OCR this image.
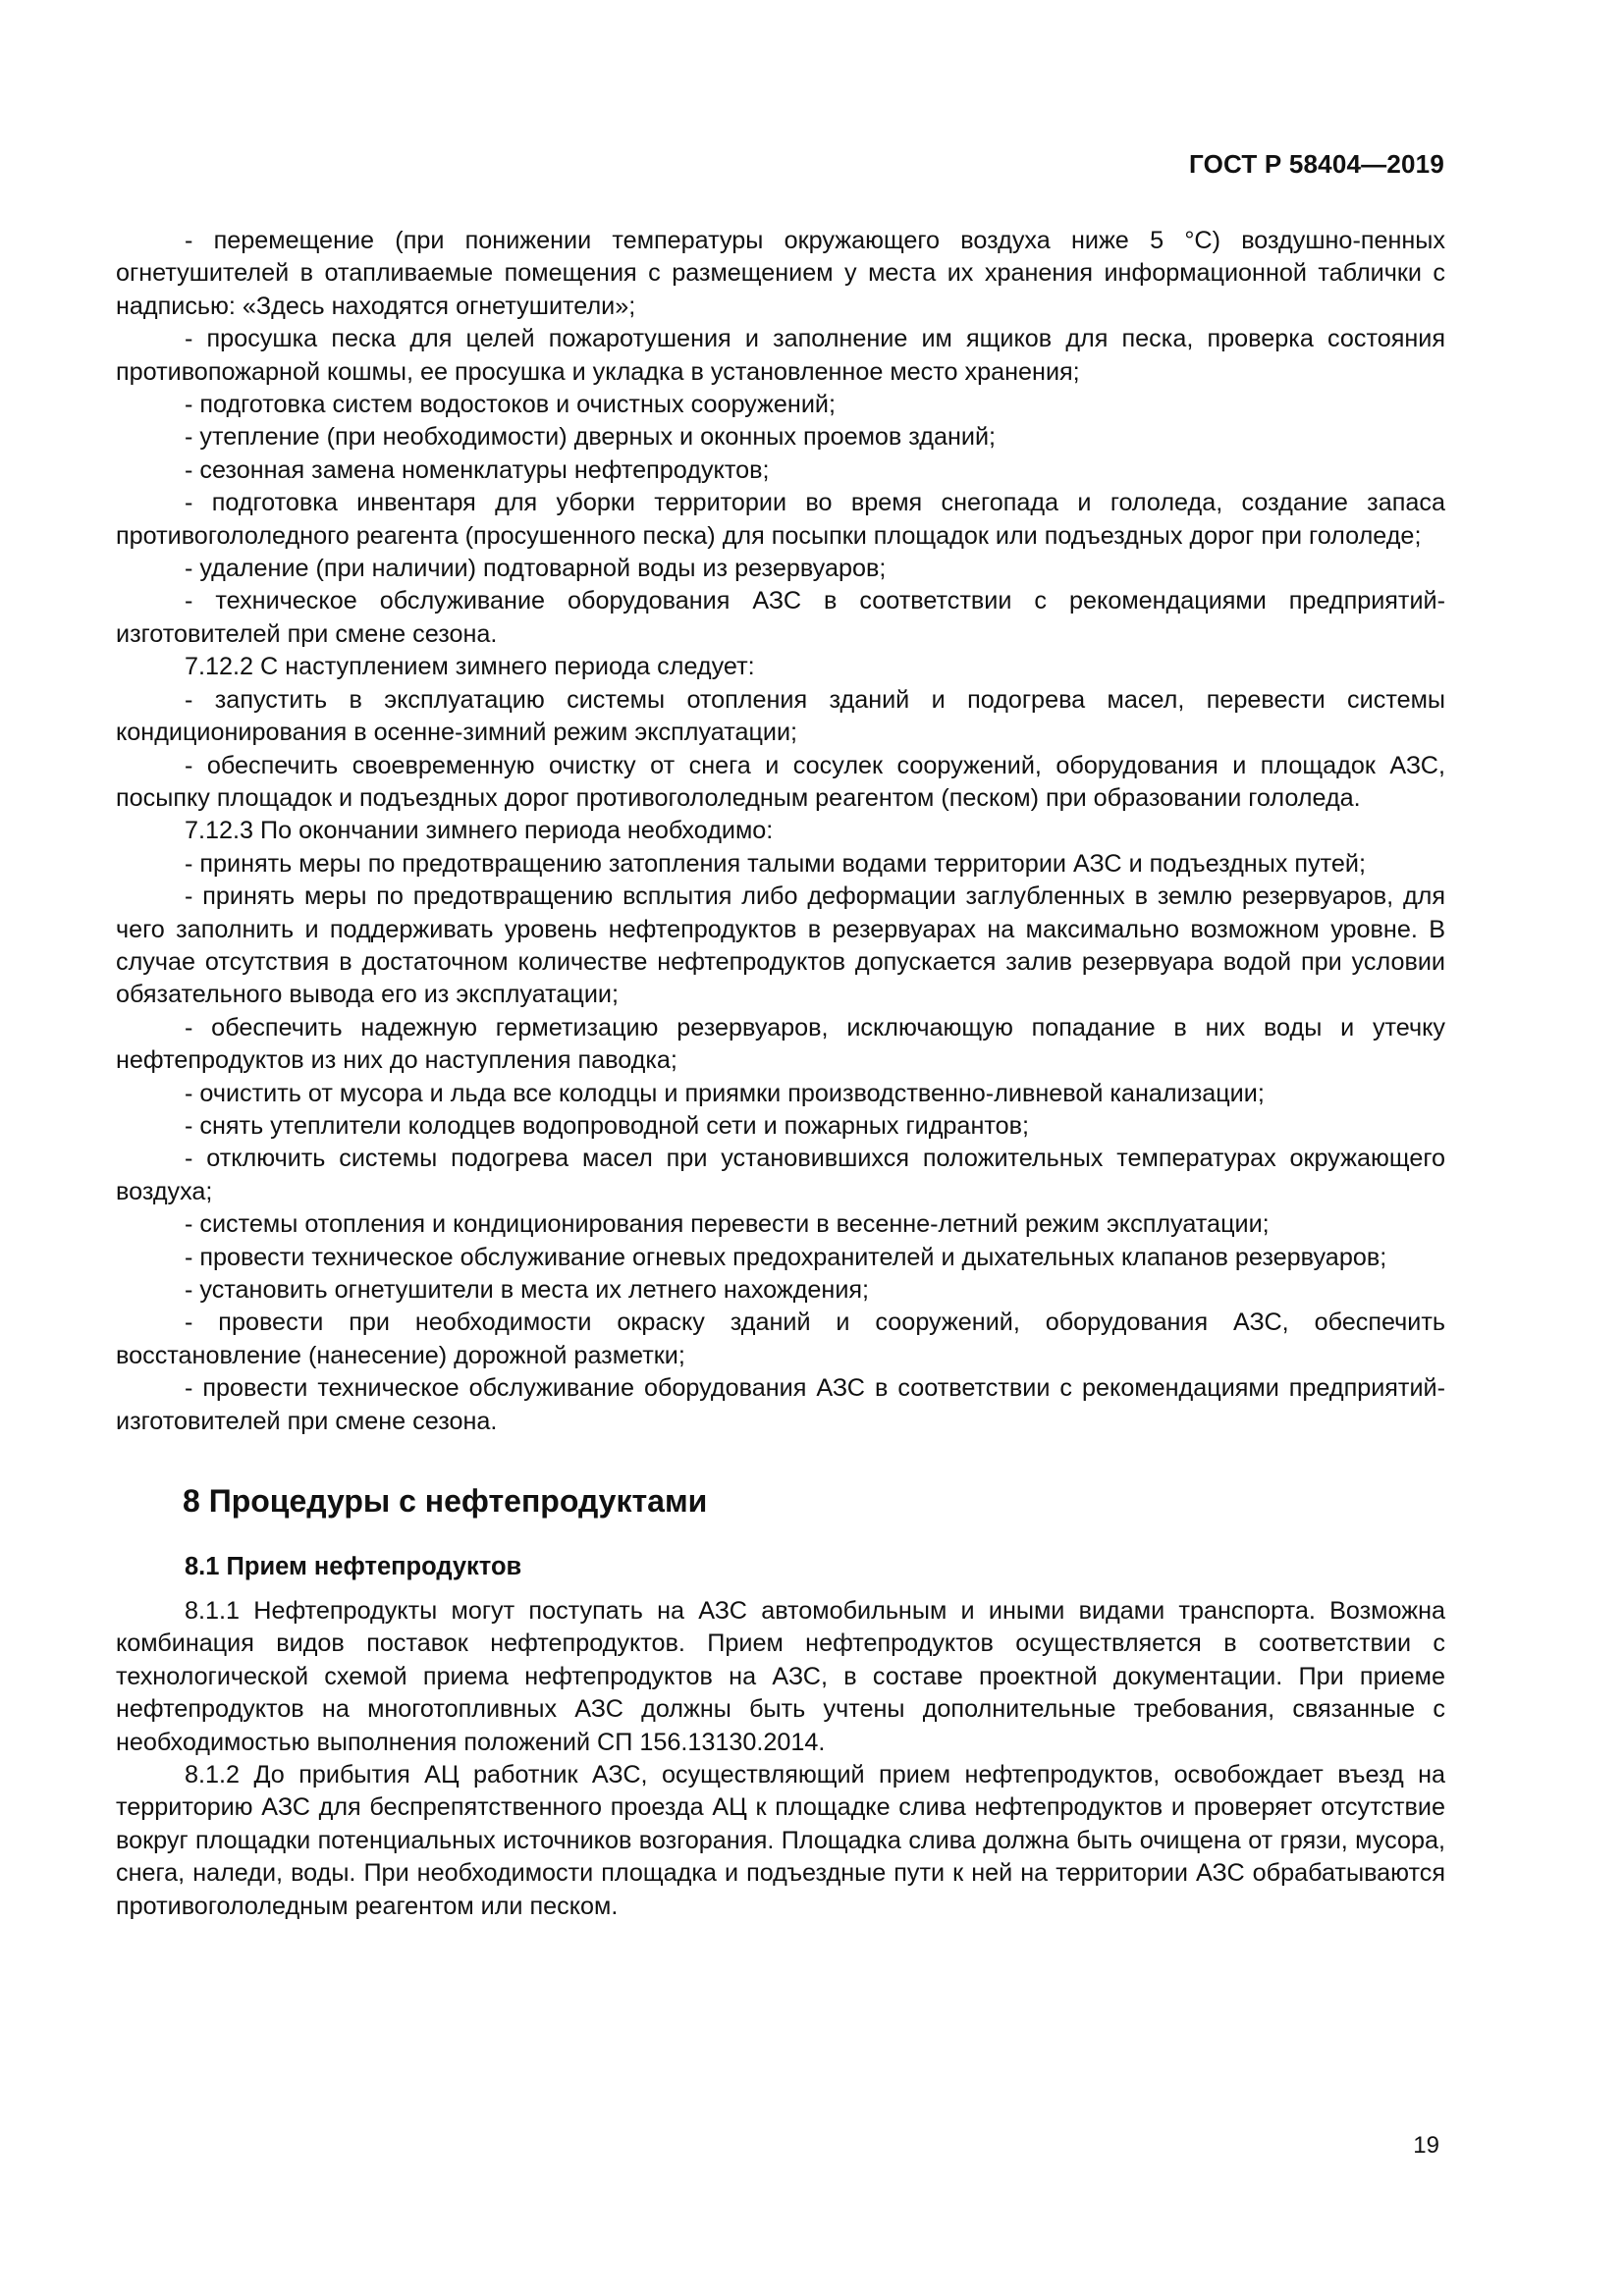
ГОСТ Р 58404—2019

- перемещение (при понижении температуры окружающего воздуха ниже 5 °С) воздушно-пенных огнетушителей в отапливаемые помещения с размещением у места их хранения информационной таблички с надписью: «Здесь находятся огнетушители»;

- просушка песка для целей пожаротушения и заполнение им ящиков для песка, проверка состояния противопожарной кошмы, ее просушка и укладка в установленное место хранения;

- подготовка систем водостоков и очистных сооружений;

- утепление (при необходимости) дверных и оконных проемов зданий;

- сезонная замена номенклатуры нефтепродуктов;

- подготовка инвентаря для уборки территории во время снегопада и гололеда, создание запаса противогололедного реагента (просушенного песка) для посыпки площадок или подъездных дорог при гололеде;

- удаление (при наличии) подтоварной воды из резервуаров;

- техническое обслуживание оборудования АЗС в соответствии с рекомендациями предприятий-изготовителей при смене сезона.

7.12.2 С наступлением зимнего периода следует:

- запустить в эксплуатацию системы отопления зданий и подогрева масел, перевести системы кондиционирования в осенне-зимний режим эксплуатации;

- обеспечить своевременную очистку от снега и сосулек сооружений, оборудования и площадок АЗС, посыпку площадок и подъездных дорог противогололедным реагентом (песком) при образовании гололеда.

7.12.3 По окончании зимнего периода необходимо:

- принять меры по предотвращению затопления талыми водами территории АЗС и подъездных путей;

- принять меры по предотвращению всплытия либо деформации заглубленных в землю резервуаров, для чего заполнить и поддерживать уровень нефтепродуктов в резервуарах на максимально возможном уровне. В случае отсутствия в достаточном количестве нефтепродуктов допускается залив резервуара водой при условии обязательного вывода его из эксплуатации;

- обеспечить надежную герметизацию резервуаров, исключающую попадание в них воды и утечку нефтепродуктов из них до наступления паводка;

- очистить от мусора и льда все колодцы и приямки производственно-ливневой канализации;

- снять утеплители колодцев водопроводной сети и пожарных гидрантов;

- отключить системы подогрева масел при установившихся положительных температурах окружающего воздуха;

- системы отопления и кондиционирования перевести в весенне-летний режим эксплуатации;

- провести техническое обслуживание огневых предохранителей и дыхательных клапанов резервуаров;

- установить огнетушители в места их летнего нахождения;

- провести при необходимости окраску зданий и сооружений, оборудования АЗС, обеспечить восстановление (нанесение) дорожной разметки;

- провести техническое обслуживание оборудования АЗС в соответствии с рекомендациями предприятий-изготовителей при смене сезона.

8 Процедуры с нефтепродуктами
8.1 Прием нефтепродуктов

8.1.1 Нефтепродукты могут поступать на АЗС автомобильным и иными видами транспорта. Возможна комбинация видов поставок нефтепродуктов. Прием нефтепродуктов осуществляется в соответствии с технологической схемой приема нефтепродуктов на АЗС, в составе проектной документации. При приеме нефтепродуктов на многотопливных АЗС должны быть учтены дополнительные требования, связанные с необходимостью выполнения положений СП 156.13130.2014.

8.1.2 До прибытия АЦ работник АЗС, осуществляющий прием нефтепродуктов, освобождает въезд на территорию АЗС для беспрепятственного проезда АЦ к площадке слива нефтепродуктов и проверяет отсутствие вокруг площадки потенциальных источников возгорания. Площадка слива должна быть очищена от грязи, мусора, снега, наледи, воды. При необходимости площадка и подъездные пути к ней на территории АЗС обрабатываются противогололедным реагентом или песком.

19
